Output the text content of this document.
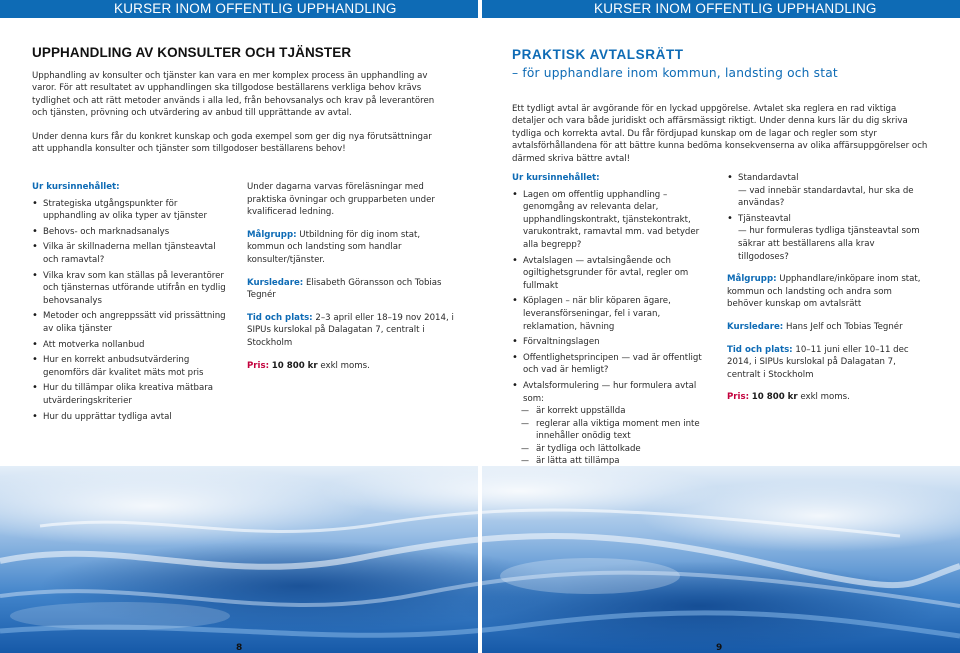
KURSER INOM OFFENTLIG UPPHANDLING	KURSER INOM OFFENTLIG UPPHANDLING
UPPHANDLING AV KONSULTER OCH TJÄNSTER

Upphandling av konsulter och tjänster kan vara en mer komplex process än upphandling av varor. För att resultatet av upphandlingen ska tillgodose beställarens verkliga behov krävs tydlighet och att rätt metoder används i alla led, från behovsanalys och krav på leverantören och tjänsten, prövning och utvärdering av anbud till upprättande av avtal.

Under denna kurs får du konkret kunskap och goda exempel som ger dig nya förutsättningar att upphandla konsulter och tjänster som tillgodoser beställarens behov!

Ur kursinnehållet:
• Strategiska utgångspunkter för upphandling av olika typer av tjänster
• Behovs- och marknadsanalys
• Vilka är skillnaderna mellan tjänsteavtal och ramavtal?
• Vilka krav som kan ställas på leverantörer och tjänsternas utförande utifrån en tydlig behovsanalys
• Metoder och angreppssätt vid prissättning av olika tjänster
• Att motverka nollanbud
• Hur en korrekt anbudsutvärdering genomförs där kvalitet mäts mot pris
• Hur du tillämpar olika kreativa mätbara utvärderingskriterier
• Hur du upprättar tydliga avtal

Under dagarna varvas föreläsningar med praktiska övningar och grupparbeten under kvalificerad ledning.

Målgrupp: Utbildning för dig inom stat, kommun och landsting som handlar konsulter/tjänster.

Kursledare: Elisabeth Göransson och Tobias Tegnér

Tid och plats: 2–3 april eller 18–19 nov 2014, i SIPUs kurslokal på Dalagatan 7, centralt i Stockholm

Pris: 10 800 kr exkl moms.

PRAKTISK AVTALSRÄTT
– för upphandlare inom kommun, landsting och stat

Ett tydligt avtal är avgörande för en lyckad uppgörelse. Avtalet ska reglera en rad viktiga detaljer och vara både juridiskt och affärsmässigt riktigt. Under denna kurs lär du dig skriva tydliga och korrekta avtal. Du får fördjupad kunskap om de lagar och regler som styr avtalsförhållandena för att bättre kunna bedöma konsekvenserna av olika affärsuppgörelser och därmed skriva bättre avtal!

Ur kursinnehållet:
• Lagen om offentlig upphandling – genomgång av relevanta delar, upphandlingskontrakt, tjänstekontrakt, varukontrakt, ramavtal mm. vad betyder alla begrepp?
• Avtalslagen — avtalsingående och ogiltighetsgrunder för avtal, regler om fullmakt
• Köplagen – när blir köparen ägare, leveransförseningar, fel i varan, reklamation, hävning
• Förvaltningslagen
• Offentlighetsprincipen — vad är offentligt och vad är hemligt?
• Avtalsformulering — hur formulera avtal som:
— är korrekt uppställda
— reglerar alla viktiga moment men inte innehåller onödig text
— är tydliga och lättolkade
— är lätta att tillämpa
• Standardavtal
— vad innebär standardavtal, hur ska de användas?
• Tjänsteavtal
— hur formuleras tydliga tjänsteavtal som säkrar att beställarens alla krav tillgodoses?

Målgrupp: Upphandlare/inköpare inom stat, kommun och landsting och andra som behöver kunskap om avtalsrätt

Kursledare: Hans Jelf och Tobias Tegnér

Tid och plats: 10–11 juni eller 10–11 dec 2014, i SIPUs kurslokal på Dalagatan 7, centralt i Stockholm

Pris: 10 800 kr exkl moms.

8	9
